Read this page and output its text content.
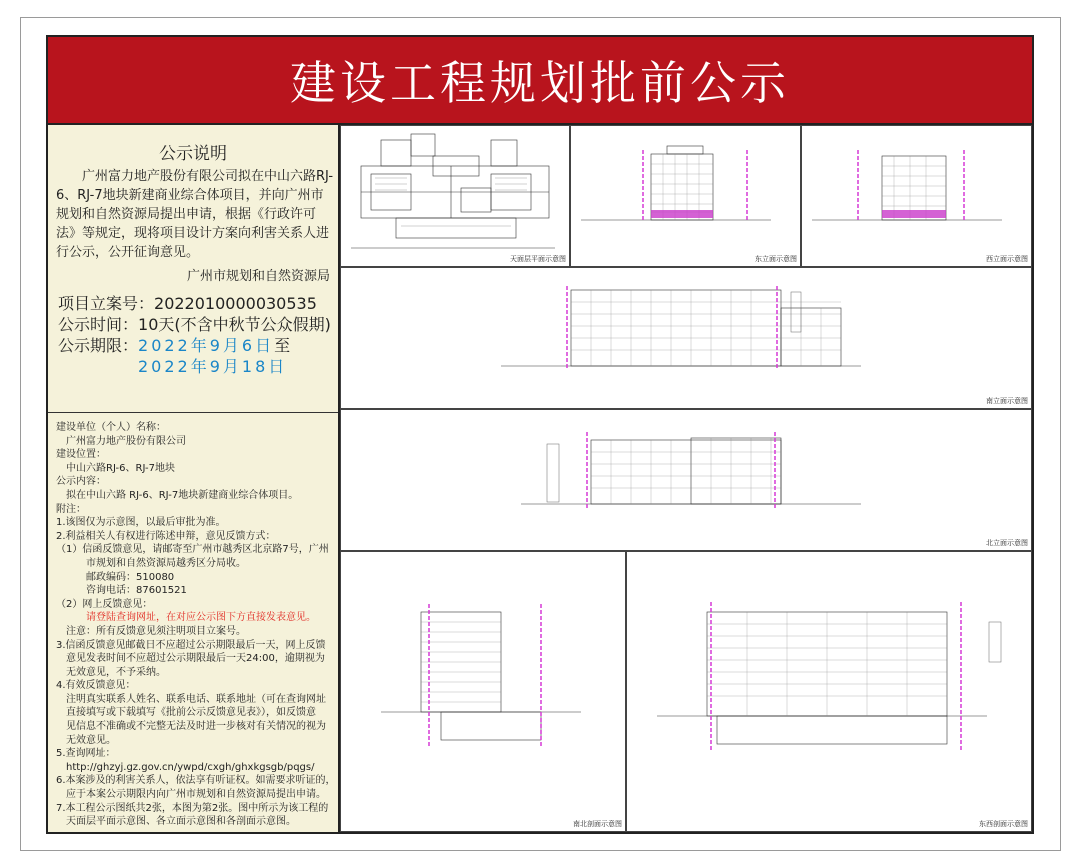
建设工程规划批前公示
公示说明
广州富力地产股份有限公司拟在中山六路RJ-6、RJ-7地块新建商业综合体项目，并向广州市规划和自然资源局提出申请，根据《行政许可法》等规定，现将项目设计方案向利害关系人进行公示，公开征询意见。
广州市规划和自然资源局
项目立案号：2022010000030535
公示时间：10天(不含中秋节公众假期)
公示期限：2022年9月6日至
2022年9月18日
建设单位（个人）名称：
　广州富力地产股份有限公司
建设位置：
　中山六路RJ-6、RJ-7地块
公示内容：
　拟在中山六路 RJ-6、RJ-7地块新建商业综合体项目。
附注：
1.该图仅为示意图，以最后审批为准。
2.利益相关人有权进行陈述申辩，意见反馈方式：
（1）信函反馈意见，请邮寄至广州市越秀区北京路7号，广州
　　　市规划和自然资源局越秀区分局收。
　　　邮政编码：510080
　　　咨询电话：87601521
（2）网上反馈意见：
　　　请登陆查询网址，在对应公示图下方直接发表意见。
　注意：所有反馈意见须注明项目立案号。
3.信函反馈意见邮截日不应超过公示期限最后一天，网上反馈
　意见发表时间不应超过公示期限最后一天24:00，逾期视为
　无效意见，不予采纳。
4.有效反馈意见：
　注明真实联系人姓名、联系电话、联系地址（可在查询网址
　直接填写或下载填写《批前公示反馈意见表》），如反馈意
　见信息不准确或不完整无法及时进一步核对有关情况的视为
　无效意见。
5.查询网址：
　http://ghzyj.gz.gov.cn/ywpd/cxgh/ghxkgsgb/pqgs/
6.本案涉及的利害关系人，依法享有听证权。如需要求听证的，
　应于本案公示期限内向广州市规划和自然资源局提出申请。
7.本工程公示图纸共2张，本图为第2张。图中所示为该工程的
　天面层平面示意图、各立面示意图和各剖面示意图。
天面层平面示意图	东立面示意图	西立面示意图
南立面示意图
北立面示意图
南北剖面示意图	东西剖面示意图
